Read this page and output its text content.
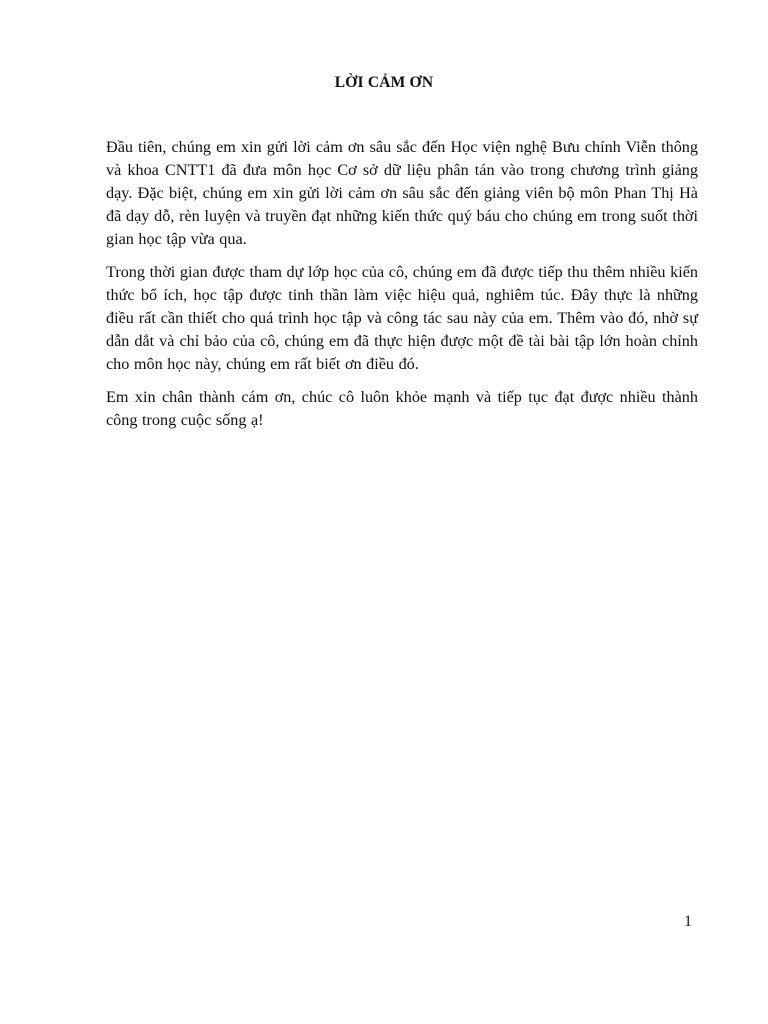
LỜI CẢM ƠN

Đầu tiên, chúng em xin gửi lời cảm ơn sâu sắc đến Học viện nghệ Bưu chính Viễn thông và khoa CNTT1 đã đưa môn học Cơ sở dữ liệu phân tán vào trong chương trình giảng dạy. Đặc biệt, chúng em xin gửi lời cảm ơn sâu sắc đến giảng viên bộ môn Phan Thị Hà đã dạy dỗ, rèn luyện và truyền đạt những kiến thức quý báu cho chúng em trong suốt thời gian học tập vừa qua.

Trong thời gian được tham dự lớp học của cô, chúng em đã được tiếp thu thêm nhiều kiến thức bổ ích, học tập được tinh thần làm việc hiệu quả, nghiêm túc. Đây thực là những điều rất cần thiết cho quá trình học tập và công tác sau này của em. Thêm vào đó, nhờ sự dẫn dắt và chỉ bảo của cô, chúng em đã thực hiện được một đề tài bài tập lớn hoàn chỉnh cho môn học này, chúng em rất biết ơn điều đó.

Em xin chân thành cám ơn, chúc cô luôn khỏe mạnh và tiếp tục đạt được nhiều thành công trong cuộc sống ạ!

1
